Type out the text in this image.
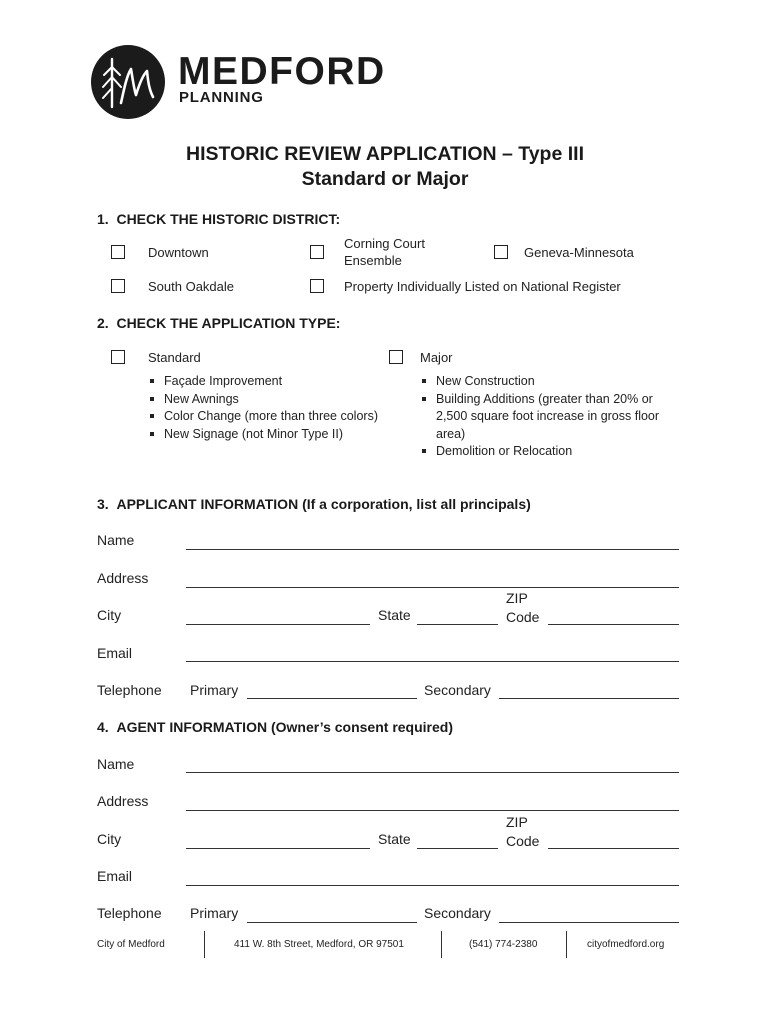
MEDFORD
PLANNING
HISTORIC REVIEW APPLICATION – Type III
Standard or Major
1.  CHECK THE HISTORIC DISTRICT:
Downtown
Corning Court Ensemble
Geneva-Minnesota
South Oakdale	Property Individually Listed on National Register
2.  CHECK THE APPLICATION TYPE:
Standard
Façade Improvement
New Awnings
Color Change (more than three colors)
New Signage (not Minor Type II)
Major
New Construction
Building Additions (greater than 20% or 2,500 square foot increase in gross floor area)
Demolition or Relocation
3.  APPLICANT INFORMATION (If a corporation, list all principals)
Name
Address
City	State
ZIP Code
Email
Telephone Primary	Secondary
4.  AGENT INFORMATION (Owner’s consent required)
Name
Address
City	State
ZIP Code
Email
Telephone Primary	Secondary
City of Medford	411 W. 8th Street, Medford, OR 97501	(541) 774-2380	cityofmedford.org
